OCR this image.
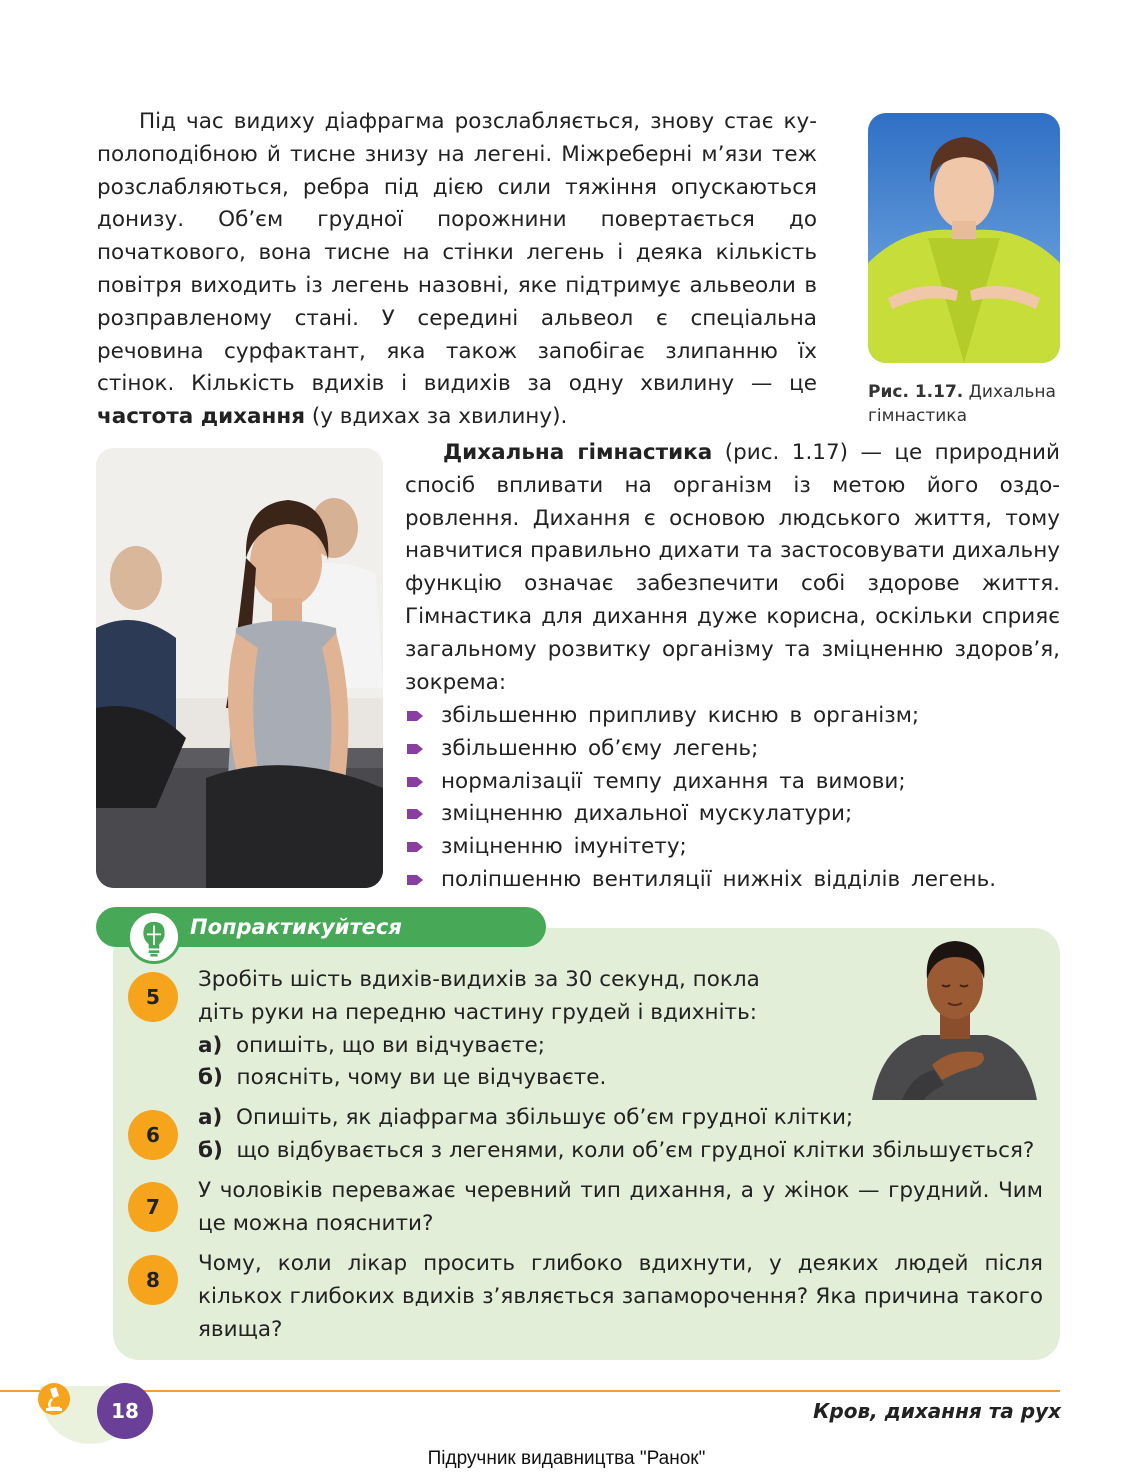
Під час видиху діафрагма розслабляється, знову стає куполоподібною й тисне знизу на легені. Міжреберні м’язи теж розслабляються, ребра під дією сили тяжіння опускаються донизу. Об’єм грудної порожнини повертається до початкового, вона тисне на стінки легень і деяка кількість повітря виходить із легень назовні, яке підтримує альвеоли в розправленому стані. У середині альвеол є спеціальна речовина сурфактант, яка також запобігає злипанню їх стінок. Кількість вдихів і видихів за одну хвилину — це частота дихання (у вдихах за хвилину).

Рис. 1.17. Дихальна гімнастика

Дихальна гімнастика (рис. 1.17) — це природний спосіб впливати на організм із метою його оздоровлення. Дихання є основою людського життя, тому навчитися правильно дихати та застосовувати дихальну функцію означає забезпечити собі здорове життя. Гімнастика для дихання дуже корисна, оскільки сприяє загальному розвитку організму та зміцненню здоров’я, зокрема:

збільшенню припливу кисню в організм;
збільшенню об’єму легень;
нормалізації темпу дихання та вимови;
зміцненню дихальної мускулатури;
зміцненню імунітету;
поліпшенню вентиляції нижніх відділів легень.
Попрактикуйтеся
5
Зробіть шість вдихів-видихів за 30 секунд, покла
діть руки на передню частину грудей і вдихніть:
а) опишіть, що ви відчуваєте;
б) поясніть, чому ви це відчуваєте.
6
а) Опишіть, як діафрагма збільшує об’єм грудної клітки;
б) що відбувається з легенями, коли об’єм грудної клітки збільшується?
7

У чоловіків переважає черевний тип дихання, а у жінок — грудний. Чим це можна пояснити?

8

Чому, коли лікар просить глибоко вдихнути, у деяких людей після кількох глибоких вдихів з’являється запаморочення? Яка причина такого явища?

18	Кров, дихання та рух
Підручник видавництва "Ранок"
